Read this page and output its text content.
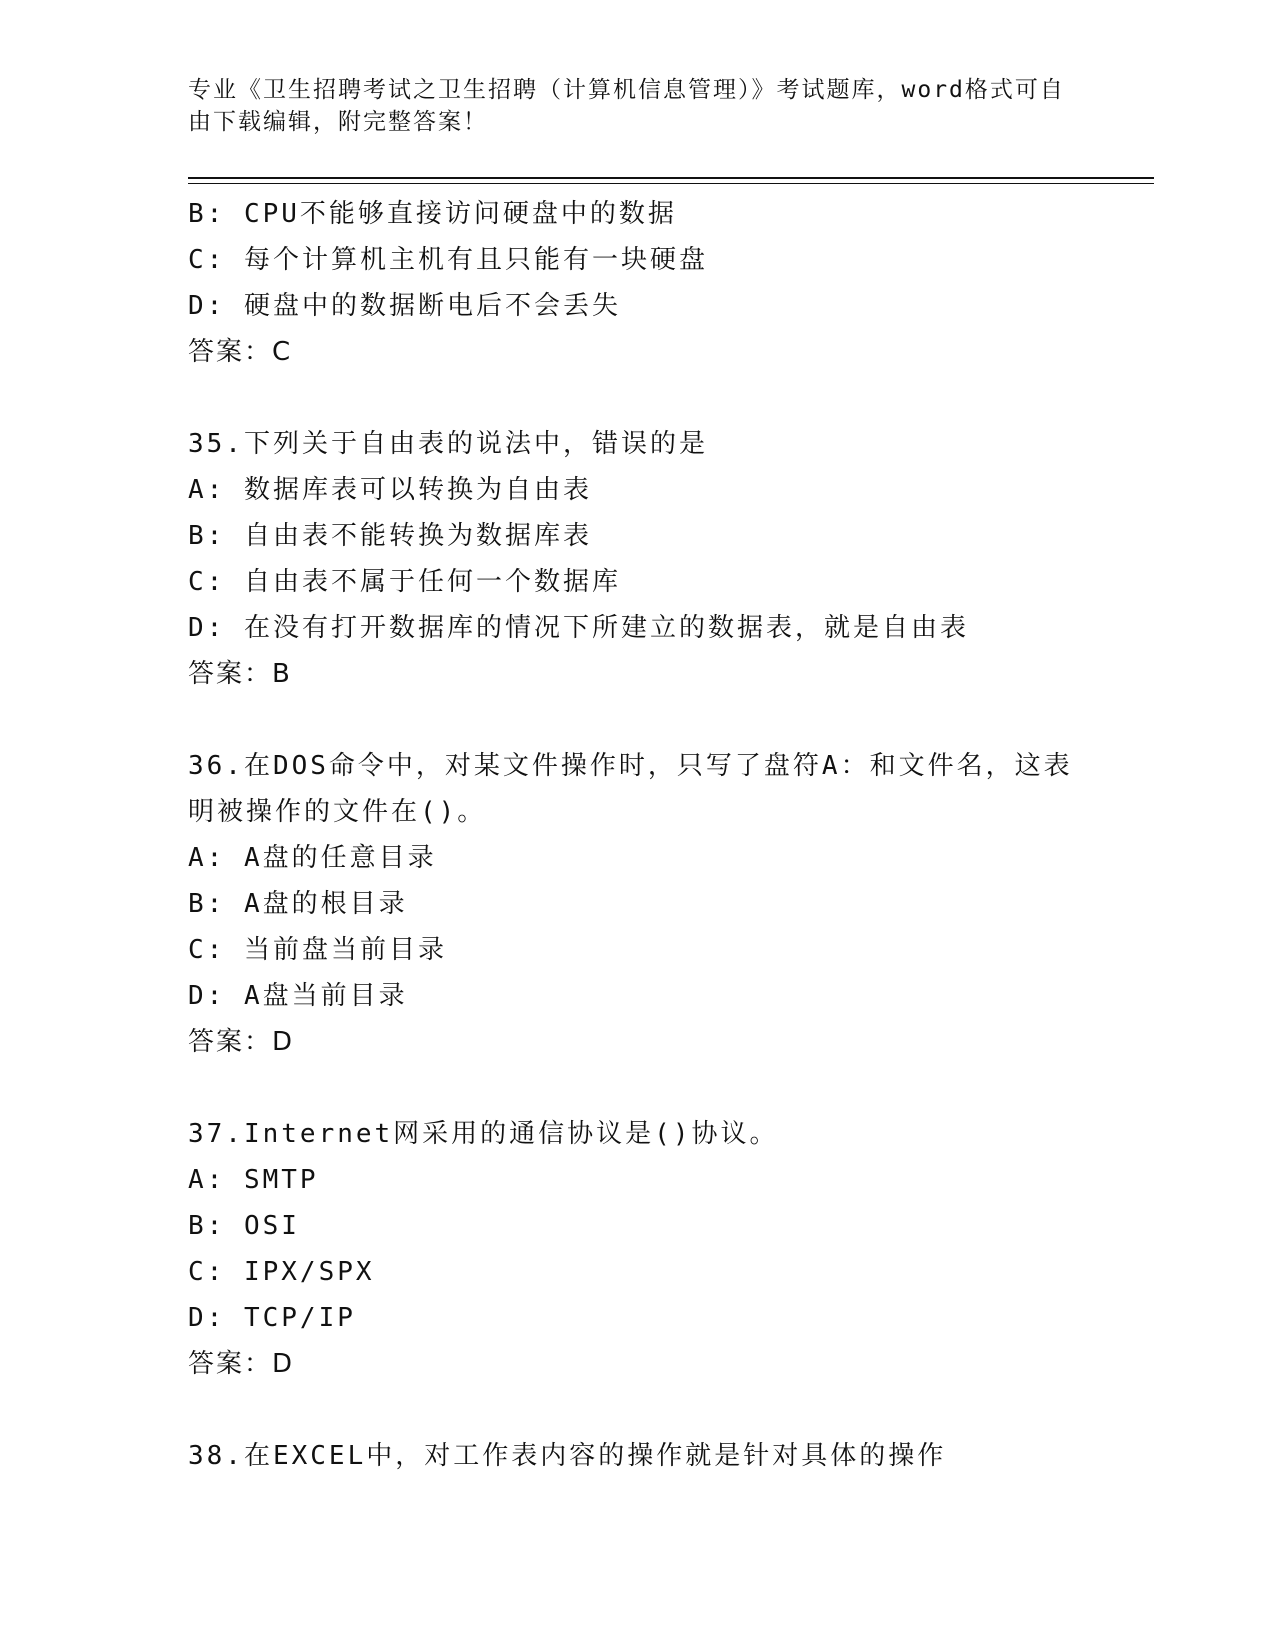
专业《卫生招聘考试之卫生招聘（计算机信息管理）》考试题库，word格式可自
由下载编辑，附完整答案！
B: CPU不能够直接访问硬盘中的数据
C: 每个计算机主机有且只能有一块硬盘
D: 硬盘中的数据断电后不会丢失
答案：C
35.下列关于自由表的说法中，错误的是
A: 数据库表可以转换为自由表
B: 自由表不能转换为数据库表
C: 自由表不属于任何一个数据库
D: 在没有打开数据库的情况下所建立的数据表，就是自由表
答案：B
36.在DOS命令中，对某文件操作时，只写了盘符A：和文件名，这表
明被操作的文件在()。
A: A盘的任意目录
B: A盘的根目录
C: 当前盘当前目录
D: A盘当前目录
答案：D
37.Internet网采用的通信协议是()协议。
A: SMTP
B: OSI
C: IPX/SPX
D: TCP/IP
答案：D
38.在EXCEL中，对工作表内容的操作就是针对具体的操作
